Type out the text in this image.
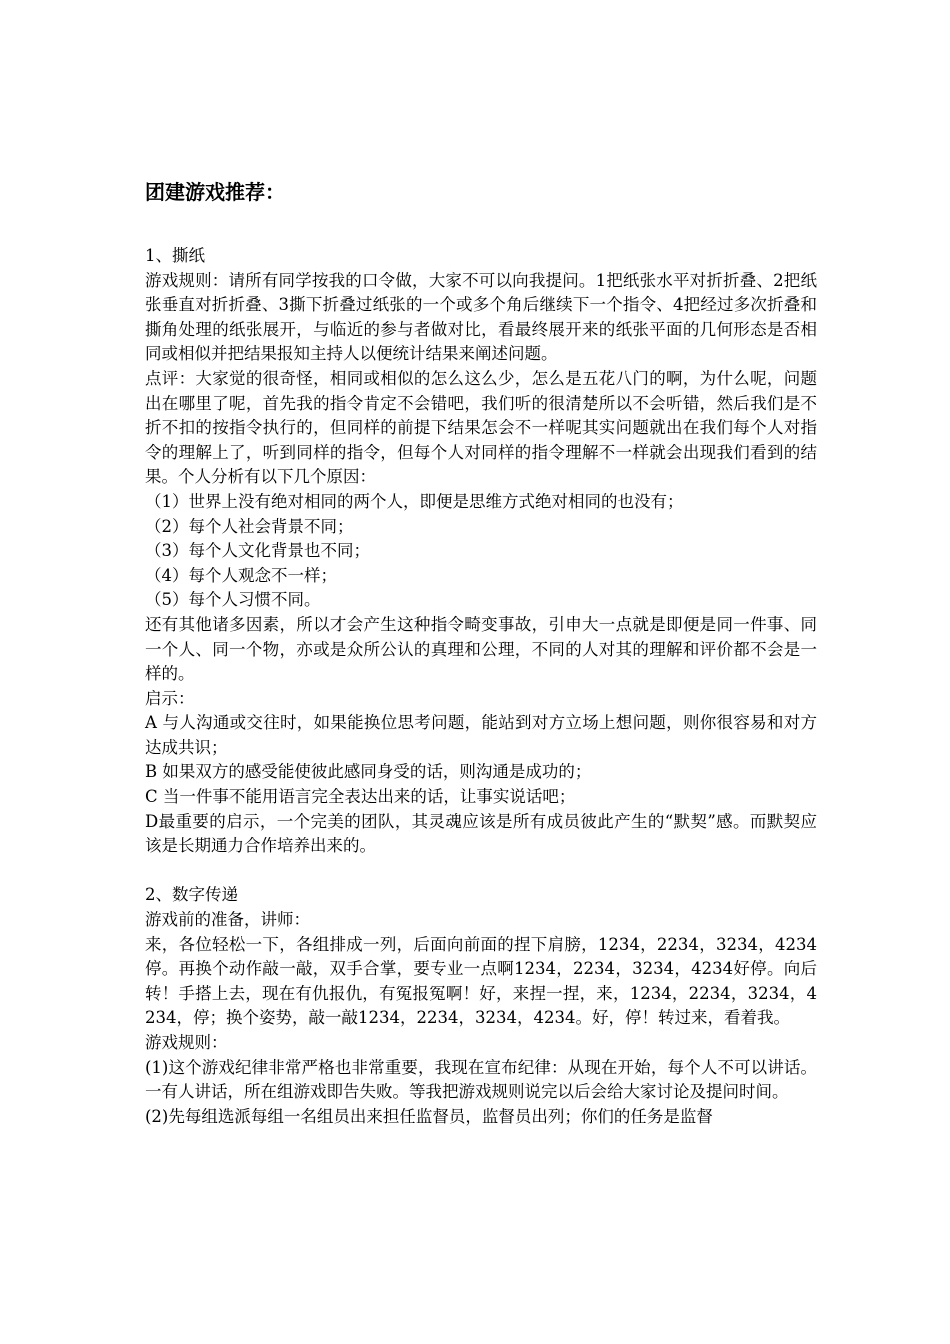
团建游戏推荐：

1、撕纸

游戏规则：请所有同学按我的口令做，大家不可以向我提问。1把纸张水平对折折叠、2把纸张垂直对折折叠、3撕下折叠过纸张的一个或多个角后继续下一个指令、4把经过多次折叠和撕角处理的纸张展开，与临近的参与者做对比，看最终展开来的纸张平面的几何形态是否相同或相似并把结果报知主持人以便统计结果来阐述问题。

点评：大家觉的很奇怪，相同或相似的怎么这么少，怎么是五花八门的啊，为什么呢，问题出在哪里了呢，首先我的指令肯定不会错吧，我们听的很清楚所以不会听错，然后我们是不折不扣的按指令执行的，但同样的前提下结果怎会不一样呢其实问题就出在我们每个人对指令的理解上了，听到同样的指令，但每个人对同样的指令理解不一样就会出现我们看到的结果。个人分析有以下几个原因：

（1）世界上没有绝对相同的两个人，即便是思维方式绝对相同的也没有；

（2）每个人社会背景不同；

（3）每个人文化背景也不同；

（4）每个人观念不一样；

（5）每个人习惯不同。

还有其他诸多因素，所以才会产生这种指令畸变事故，引申大一点就是即便是同一件事、同一个人、同一个物，亦或是众所公认的真理和公理，不同的人对其的理解和评价都不会是一样的。

启示：

A 与人沟通或交往时，如果能换位思考问题，能站到对方立场上想问题，则你很容易和对方达成共识；

B 如果双方的感受能使彼此感同身受的话，则沟通是成功的；

C 当一件事不能用语言完全表达出来的话，让事实说话吧；

D最重要的启示，一个完美的团队，其灵魂应该是所有成员彼此产生的“默契”感。而默契应该是长期通力合作培养出来的。

2、数字传递

游戏前的准备，讲师：

来，各位轻松一下，各组排成一列，后面向前面的捏下肩膀，1234，2234，3234，4234停。再换个动作敲一敲，双手合掌，要专业一点啊1234，2234，3234，4234好停。向后转！手搭上去，现在有仇报仇，有冤报冤啊！好，来捏一捏，来，1234，2234，3234，4234，停；换个姿势，敲一敲1234，2234，3234，4234。好，停！转过来，看着我。

游戏规则：

(1)这个游戏纪律非常严格也非常重要，我现在宣布纪律：从现在开始，每个人不可以讲话。一有人讲话，所在组游戏即告失败。等我把游戏规则说完以后会给大家讨论及提问时间。

(2)先每组选派每组一名组员出来担任监督员，监督员出列；你们的任务是监督
